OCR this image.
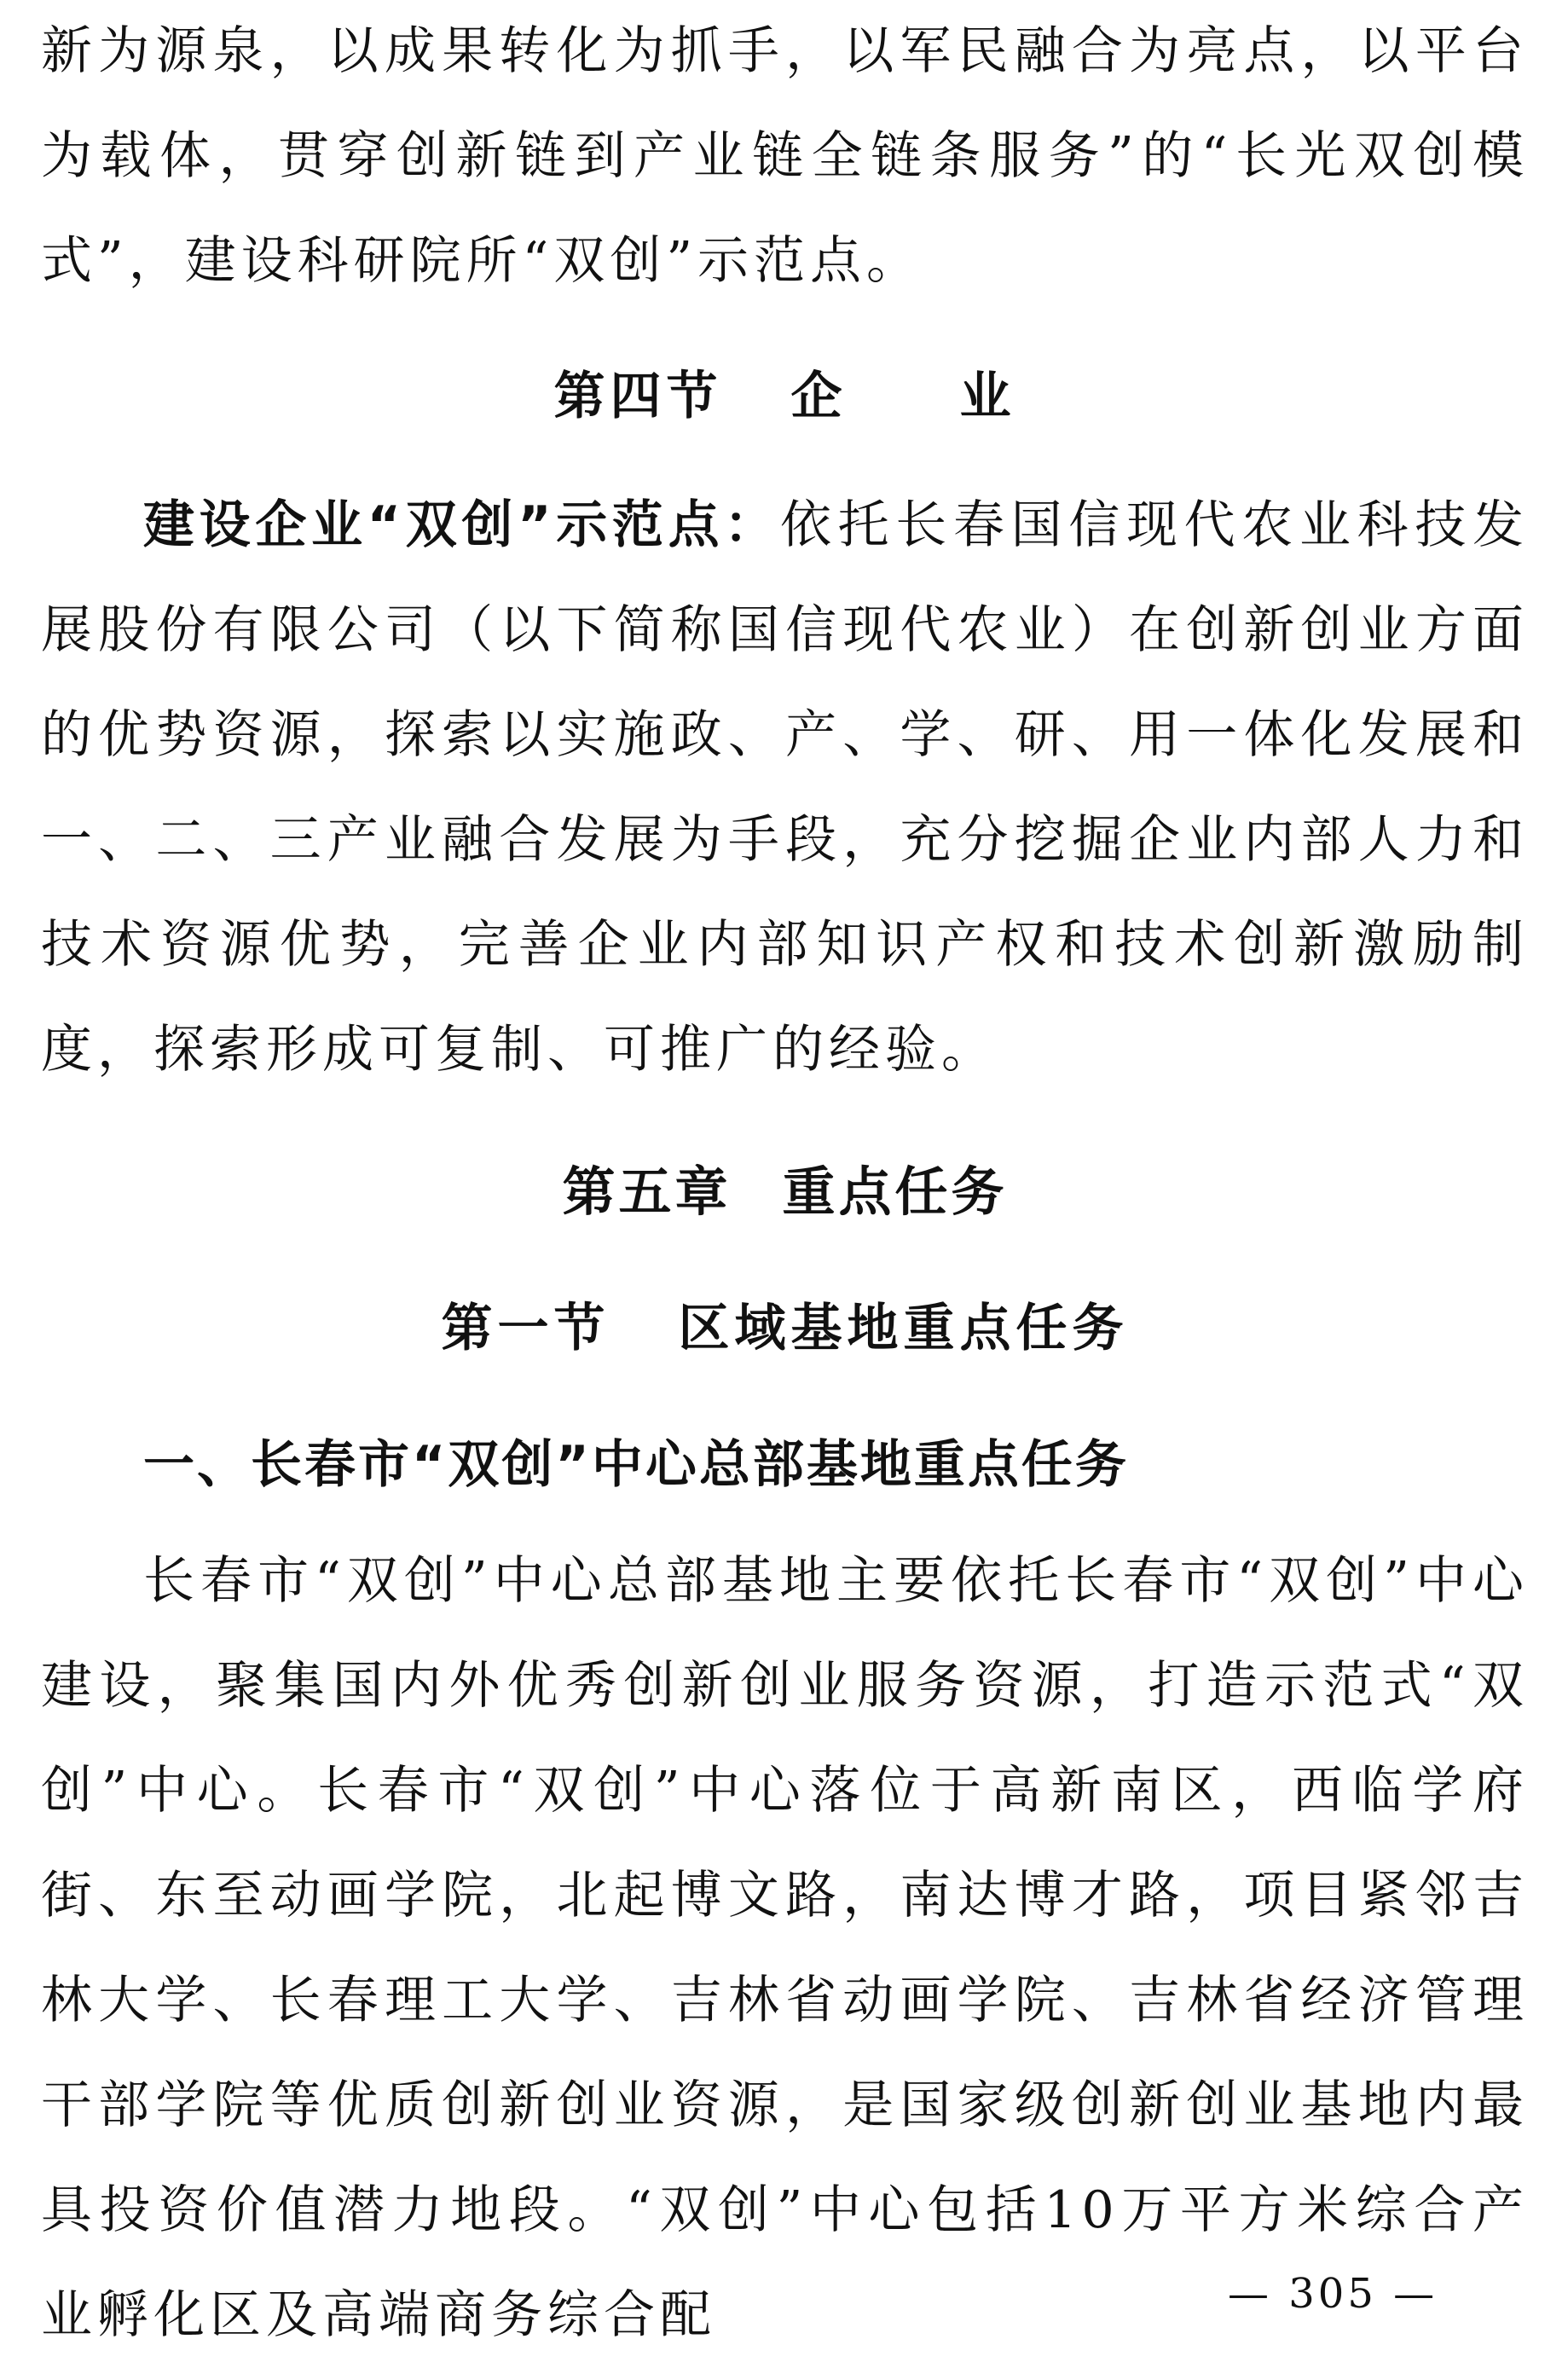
新为源泉，以成果转化为抓手，以军民融合为亮点，以平台为载体，贯穿创新链到产业链全链条服务”的“长光双创模式”，建设科研院所“双创”示范点。

第四节 企　　业

建设企业“双创”示范点：依托长春国信现代农业科技发展股份有限公司（以下简称国信现代农业）在创新创业方面的优势资源，探索以实施政、产、学、研、用一体化发展和一、二、三产业融合发展为手段，充分挖掘企业内部人力和技术资源优势，完善企业内部知识产权和技术创新激励制度，探索形成可复制、可推广的经验。

第五章 重点任务
第一节 区域基地重点任务
一、长春市“双创”中心总部基地重点任务

长春市“双创”中心总部基地主要依托长春市“双创”中心建设，聚集国内外优秀创新创业服务资源，打造示范式“双创”中心。长春市“双创”中心落位于高新南区，西临学府街、东至动画学院，北起博文路，南达博才路，项目紧邻吉林大学、长春理工大学、吉林省动画学院、吉林省经济管理干部学院等优质创新创业资源，是国家级创新创业基地内最具投资价值潜力地段。“双创”中心包括10万平方米综合产业孵化区及高端商务综合配	— 305 —
